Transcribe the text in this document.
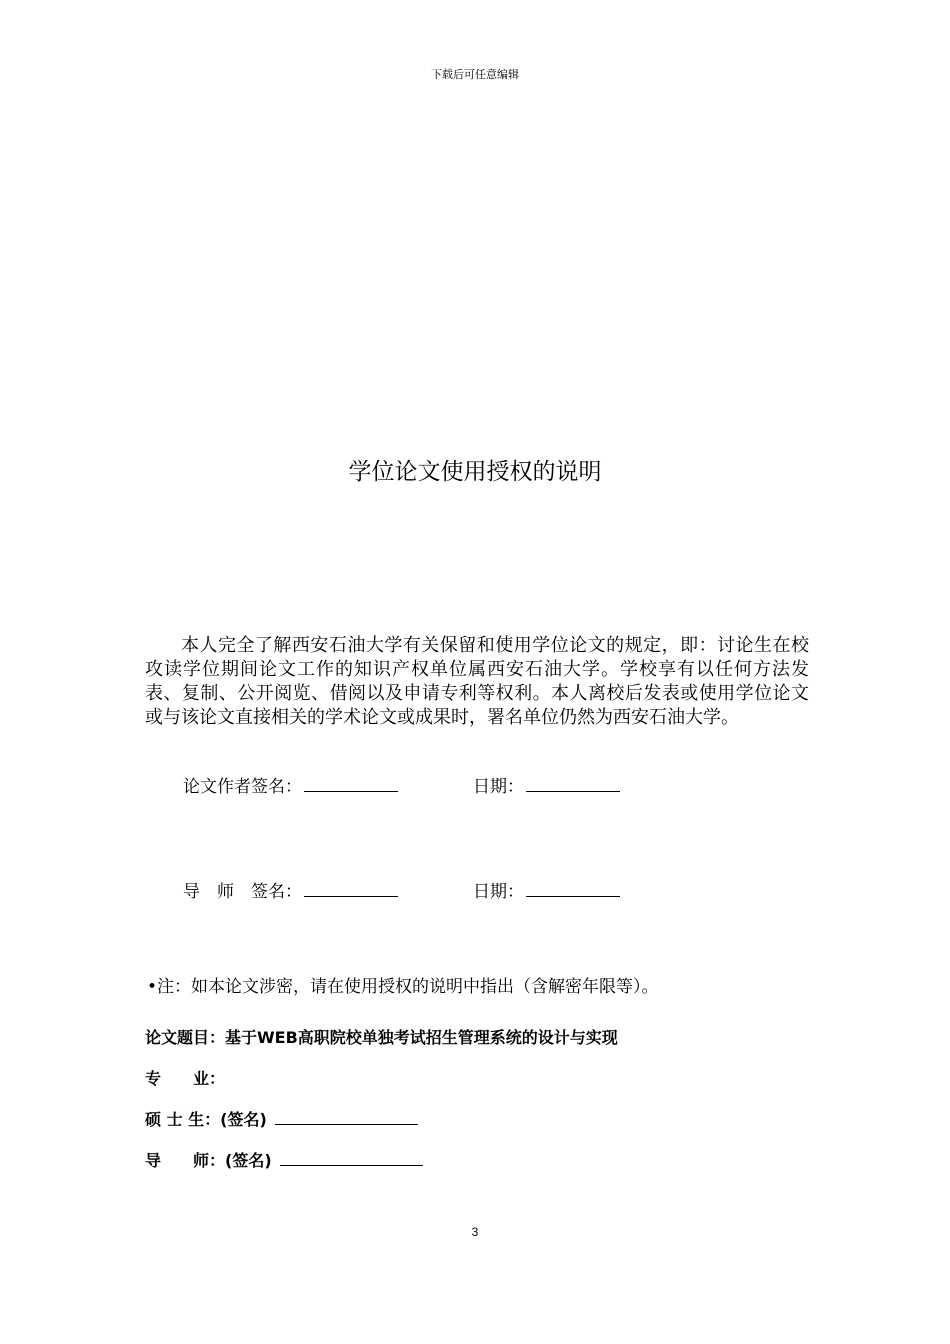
下载后可任意编辑
学位论文使用授权的说明

本人完全了解西安石油大学有关保留和使用学位论文的规定，即：讨论生在校攻读学位期间论文工作的知识产权单位属西安石油大学。学校享有以任何方法发表、复制、公开阅览、借阅以及申请专利等权利。本人离校后发表或使用学位论文或与该论文直接相关的学术论文或成果时，署名单位仍然为西安石油大学。

论文作者签名：	日期：
导　师　签名：	日期：
•注：如本论文涉密，请在使用授权的说明中指出（含解密年限等）。
论文题目：基于WEB高职院校单独考试招生管理系统的设计与实现
专　　业：
硕 士 生：(签名)
导　　师：(签名)
3
